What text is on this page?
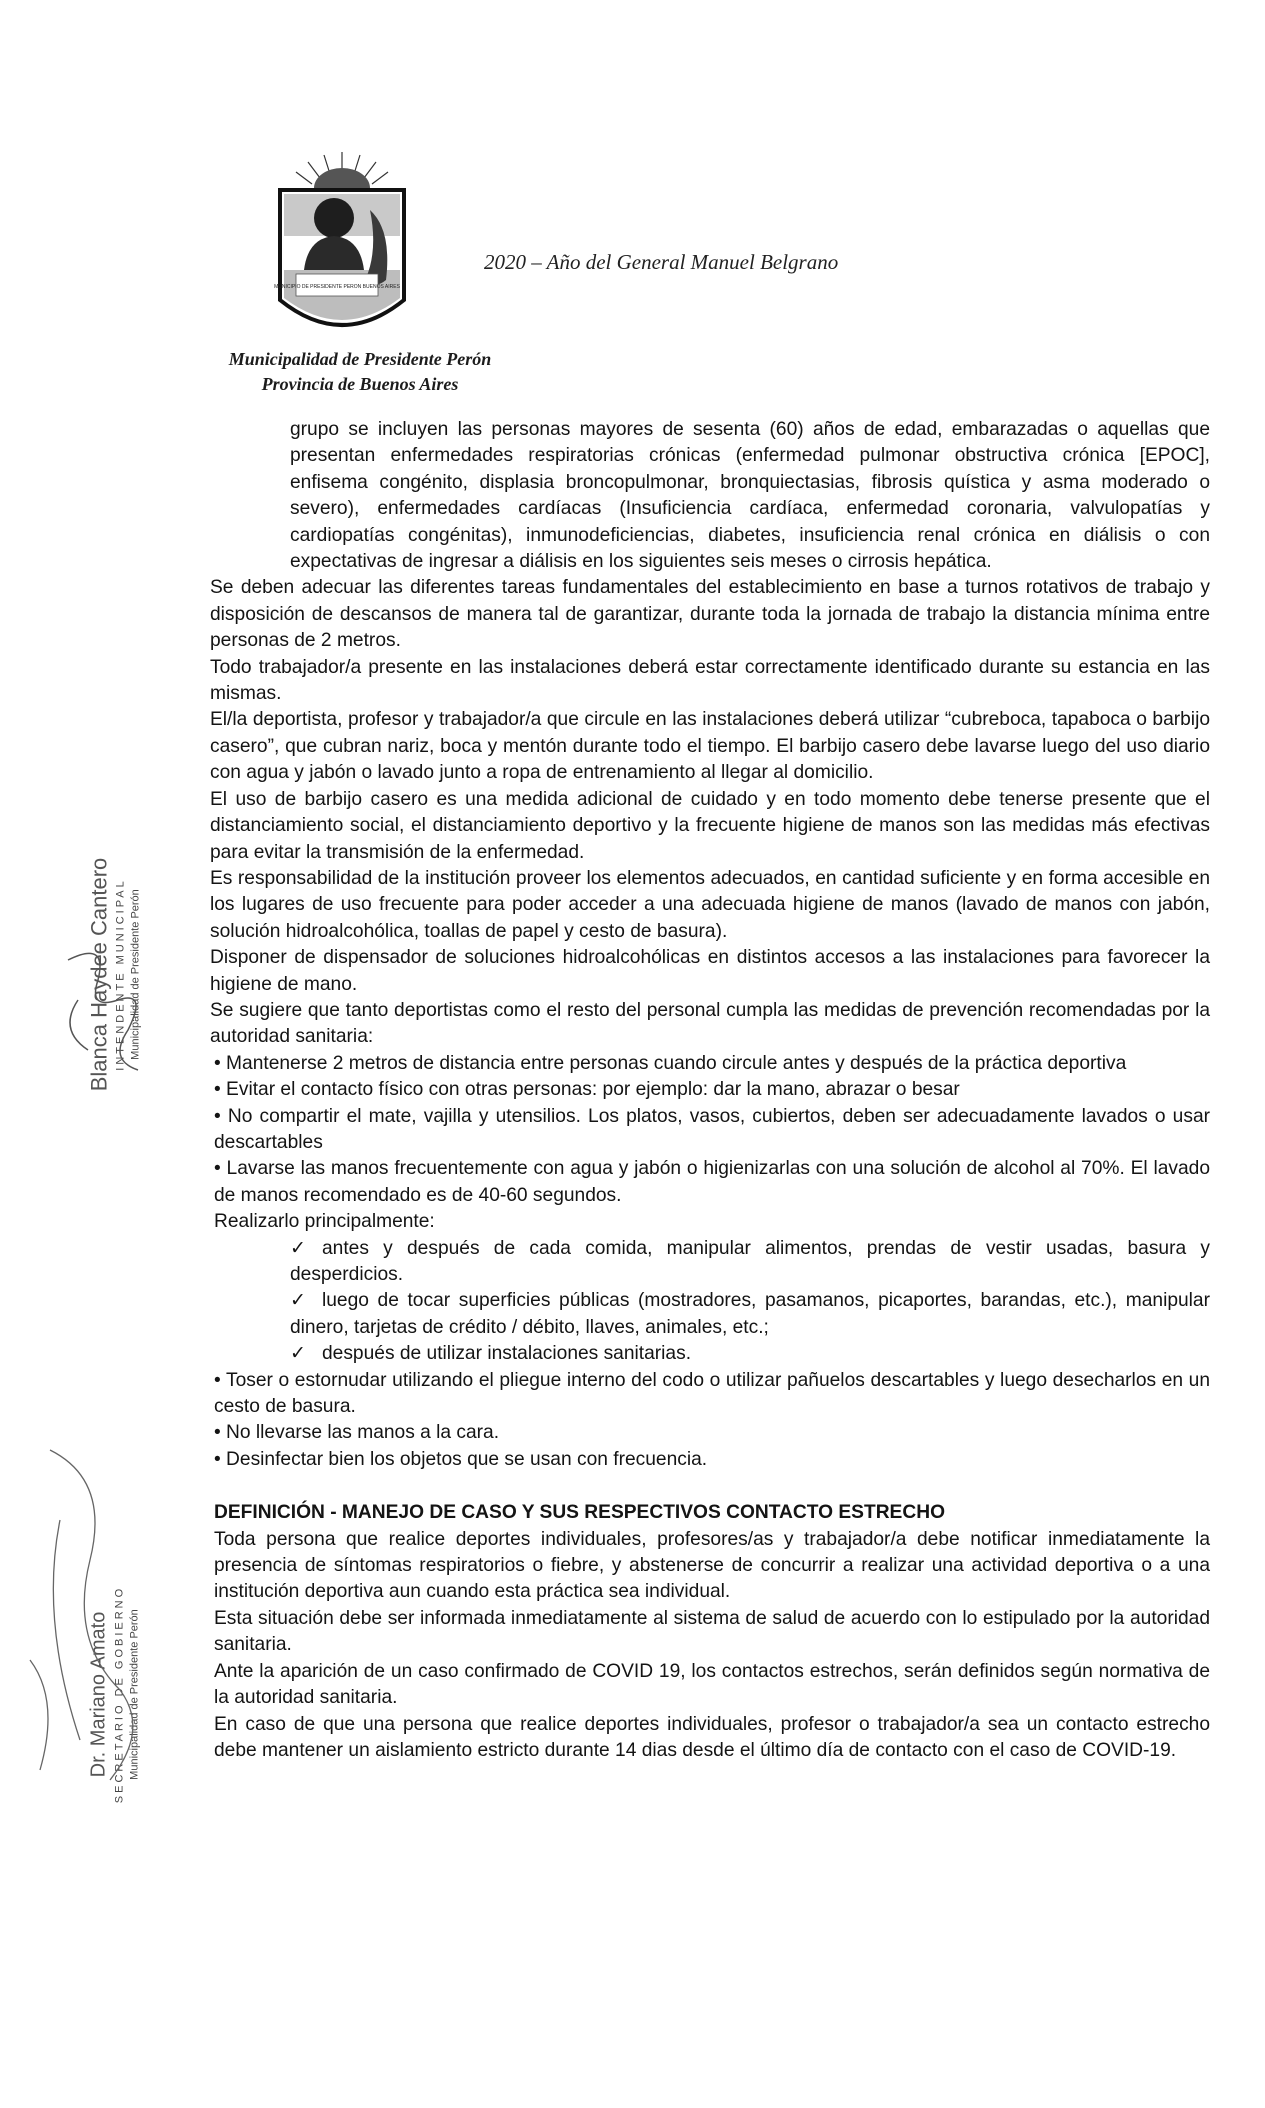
MUNICIPIO DE PRESIDENTE PERON BUENOS AIRES
2020 – Año del General Manuel Belgrano
Municipalidad de Presidente Perón
Provincia de Buenos Aires
Blanca Haydee Cantero INTENDENTE MUNICIPAL Municipalidad de Presidente Perón
Dr. Mariano Amato SECRETARIO DE GOBIERNO Municipalidad de Presidente Perón

grupo se incluyen las personas mayores de sesenta (60) años de edad, embarazadas o aquellas que presentan enfermedades respiratorias crónicas (enfermedad pulmonar obstructiva crónica [EPOC], enfisema congénito, displasia broncopulmonar, bronquiectasias, fibrosis quística y asma moderado o severo), enfermedades cardíacas (Insuficiencia cardíaca, enfermedad coronaria, valvulopatías y cardiopatías congénitas), inmunodeficiencias, diabetes, insuficiencia renal crónica en diálisis o con expectativas de ingresar a diálisis en los siguientes seis meses o cirrosis hepática.

Se deben adecuar las diferentes tareas fundamentales del establecimiento en base a turnos rotativos de trabajo y disposición de descansos de manera tal de garantizar, durante toda la jornada de trabajo la distancia mínima entre personas de 2 metros.

Todo trabajador/a presente en las instalaciones deberá estar correctamente identificado durante su estancia en las mismas.

El/la deportista, profesor y trabajador/a que circule en las instalaciones deberá utilizar “cubreboca, tapaboca o barbijo casero”, que cubran nariz, boca y mentón durante todo el tiempo. El barbijo casero debe lavarse luego del uso diario con agua y jabón o lavado junto a ropa de entrenamiento al llegar al domicilio.

El uso de barbijo casero es una medida adicional de cuidado y en todo momento debe tenerse presente que el distanciamiento social, el distanciamiento deportivo y la frecuente higiene de manos son las medidas más efectivas para evitar la transmisión de la enfermedad.

Es responsabilidad de la institución proveer los elementos adecuados, en cantidad suficiente y en forma accesible en los lugares de uso frecuente para poder acceder a una adecuada higiene de manos (lavado de manos con jabón, solución hidroalcohólica, toallas de papel y cesto de basura).

Disponer de dispensador de soluciones hidroalcohólicas en distintos accesos a las instalaciones para favorecer la higiene de mano.

Se sugiere que tanto deportistas como el resto del personal cumpla las medidas de prevención recomendadas por la autoridad sanitaria:

• Mantenerse 2 metros de distancia entre personas cuando circule antes y después de la práctica deportiva

• Evitar el contacto físico con otras personas: por ejemplo: dar la mano, abrazar o besar

• No compartir el mate, vajilla y utensilios. Los platos, vasos, cubiertos, deben ser adecuadamente lavados o usar descartables

• Lavarse las manos frecuentemente con agua y jabón o higienizarlas con una solución de alcohol al 70%. El lavado de manos recomendado es de 40-60 segundos.

Realizarlo principalmente:

✓ antes y después de cada comida, manipular alimentos, prendas de vestir usadas, basura y desperdicios.

✓ luego de tocar superficies públicas (mostradores, pasamanos, picaportes, barandas, etc.), manipular dinero, tarjetas de crédito / débito, llaves, animales, etc.;

✓ después de utilizar instalaciones sanitarias.

• Toser o estornudar utilizando el pliegue interno del codo o utilizar pañuelos descartables y luego desecharlos en un cesto de basura.

• No llevarse las manos a la cara.

• Desinfectar bien los objetos que se usan con frecuencia.

DEFINICIÓN - MANEJO DE CASO Y SUS RESPECTIVOS CONTACTO ESTRECHO

Toda persona que realice deportes individuales, profesores/as y trabajador/a debe notificar inmediatamente la presencia de síntomas respiratorios o fiebre, y abstenerse de concurrir a realizar una actividad deportiva o a una institución deportiva aun cuando esta práctica sea individual.

Esta situación debe ser informada inmediatamente al sistema de salud de acuerdo con lo estipulado por la autoridad sanitaria.

Ante la aparición de un caso confirmado de COVID 19, los contactos estrechos, serán definidos según normativa de la autoridad sanitaria.

En caso de que una persona que realice deportes individuales, profesor o trabajador/a sea un contacto estrecho debe mantener un aislamiento estricto durante 14 dias desde el último día de contacto con el caso de COVID-19.
